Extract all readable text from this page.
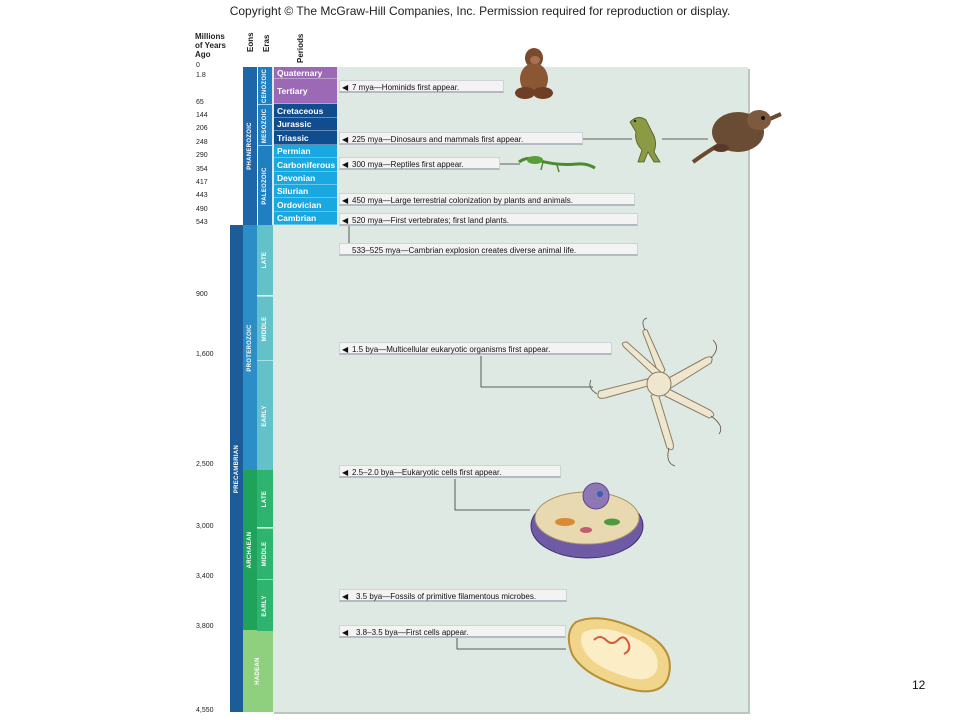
Copyright © The McGraw-Hill Companies, Inc. Permission required for reproduction or display.
Millions
of Years
Ago
Eons Eras	Periods
0
1.8
65
144
206
248
290
354
417
443
490
543
900
1,600
2,500
3,000
3,400
3,800
4,550
PHANEROZOIC
PRECAMBRIAN
CENOZOIC
MESOZOIC
PALEOZOIC
PROTEROZOIC
ARCHAEAN
HADEAN
LATE
MIDDLE
EARLY
LATE
MIDDLE
EARLY
Quaternary
Tertiary
Cretaceous
Jurassic
Triassic
Permian
Carboniferous
Devonian
Silurian
Ordovician
Cambrian
◀ 7 mya—Hominids first appear.
◀ 225 mya—Dinosaurs and mammals first appear.
◀ 300 mya—Reptiles first appear.
◀ 450 mya—Large terrestrial colonization by plants and animals.
◀ 520 mya—First vertebrates; first land plants.
533–525 mya—Cambrian explosion creates diverse animal life.
◀ 1.5 bya—Multicellular eukaryotic organisms first appear.
◀ 2.5–2.0 bya—Eukaryotic cells first appear.
◀ 3.5 bya—Fossils of primitive filamentous microbes.
◀ 3.8–3.5 bya—First cells appear.
12
